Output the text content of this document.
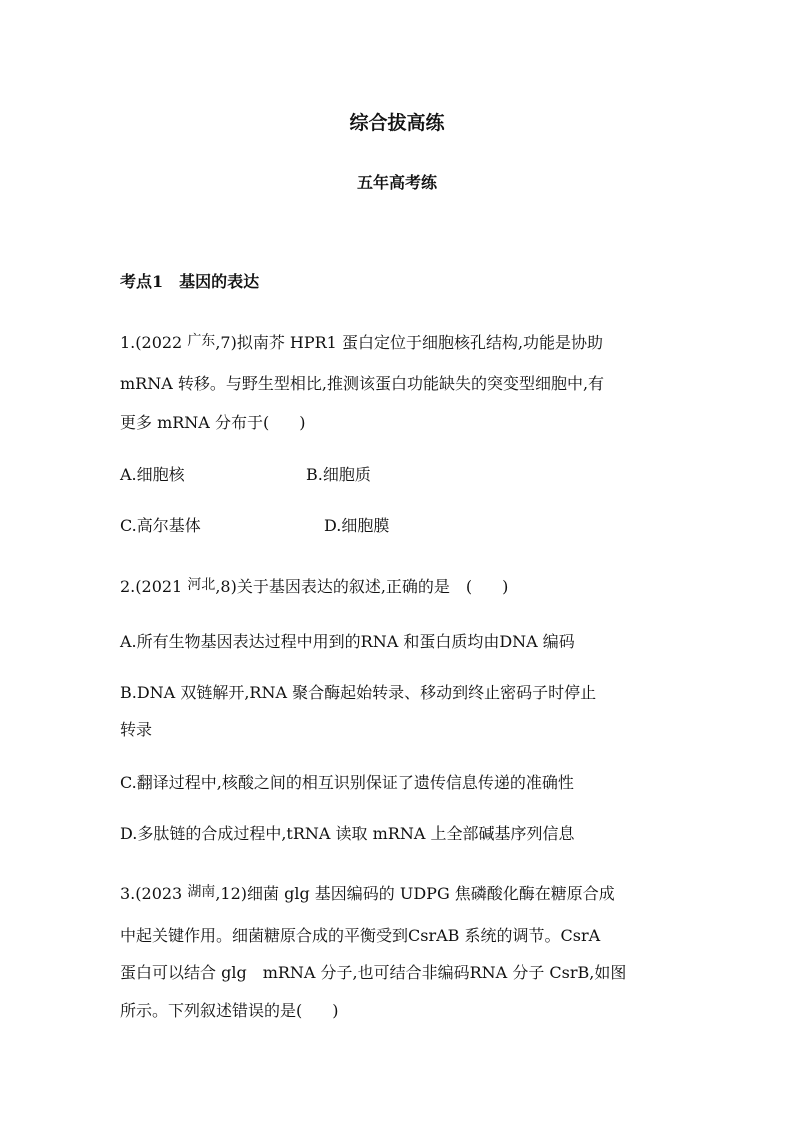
综合拔高练
五年高考练
考点1　基因的表达
1.(2022 广东,7)拟南芥 HPR1 蛋白定位于细胞核孔结构,功能是协助
mRNA 转移。与野生型相比,推测该蛋白功能缺失的突变型细胞中,有
更多 mRNA 分布于( )
A.细胞核	B.细胞质
C.高尔基体	D.细胞膜
2.(2021 河北,8)关于基因表达的叙述,正确的是　( )
A.所有生物基因表达过程中用到的RNA 和蛋白质均由DNA 编码
B.DNA 双链解开,RNA 聚合酶起始转录、移动到终止密码子时停止
转录
C.翻译过程中,核酸之间的相互识别保证了遗传信息传递的准确性
D.多肽链的合成过程中,tRNA 读取 mRNA 上全部碱基序列信息
3.(2023 湖南,12)细菌 glg 基因编码的 UDPG 焦磷酸化酶在糖原合成
中起关键作用。细菌糖原合成的平衡受到CsrAB 系统的调节。CsrA
蛋白可以结合 glg　mRNA 分子,也可结合非编码RNA 分子 CsrB,如图
所示。下列叙述错误的是( )
